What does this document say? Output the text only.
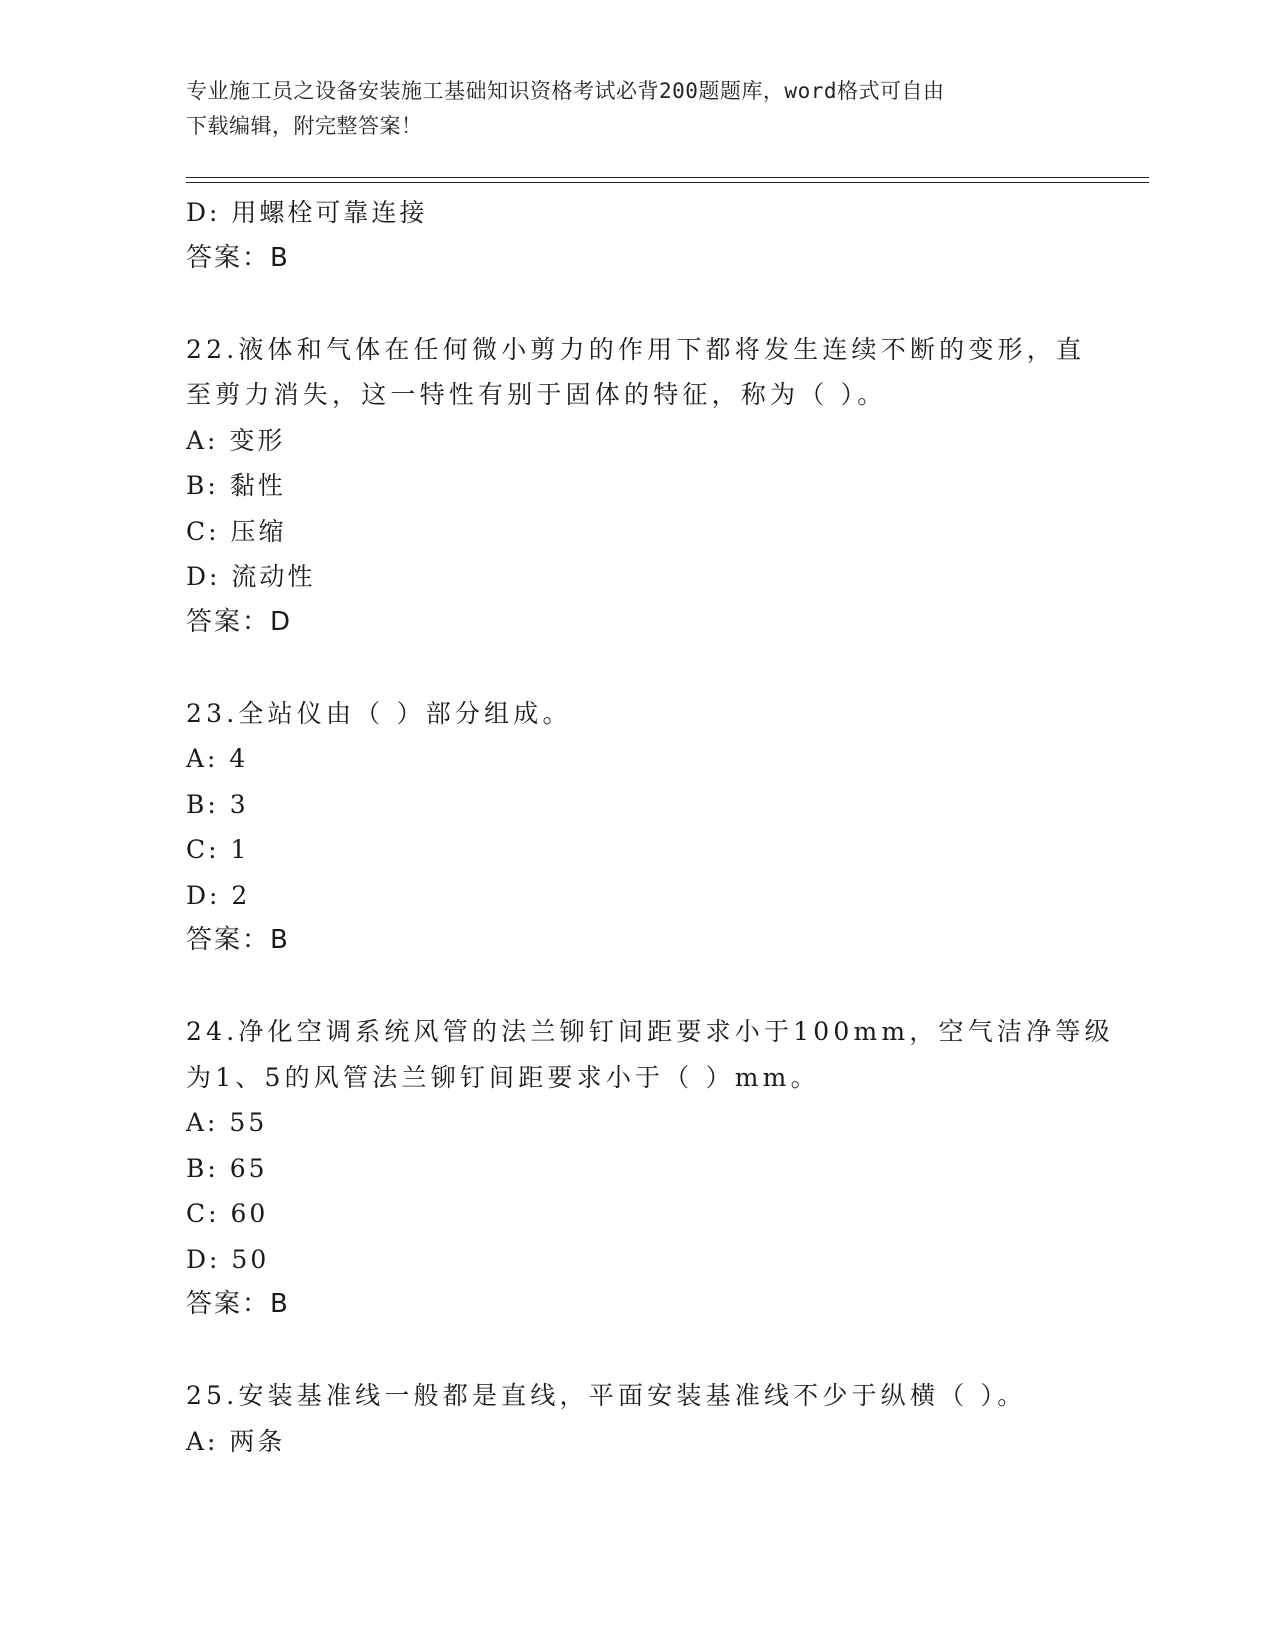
专业施工员之设备安装施工基础知识资格考试必背200题题库，word格式可自由
下载编辑，附完整答案！
D: 用螺栓可靠连接
答案：B
22.液体和气体在任何微小剪力的作用下都将发生连续不断的变形，直
至剪力消失，这一特性有别于固体的特征，称为（ ）。
A: 变形
B: 黏性
C: 压缩
D: 流动性
答案：D
23.全站仪由（ ）部分组成。
A: 4
B: 3
C: 1
D: 2
答案：B
24.净化空调系统风管的法兰铆钉间距要求小于100mm，空气洁净等级
为1、5的风管法兰铆钉间距要求小于（ ）mm。
A: 55
B: 65
C: 60
D: 50
答案：B
25.安装基准线一般都是直线，平面安装基准线不少于纵横（ ）。
A: 两条
